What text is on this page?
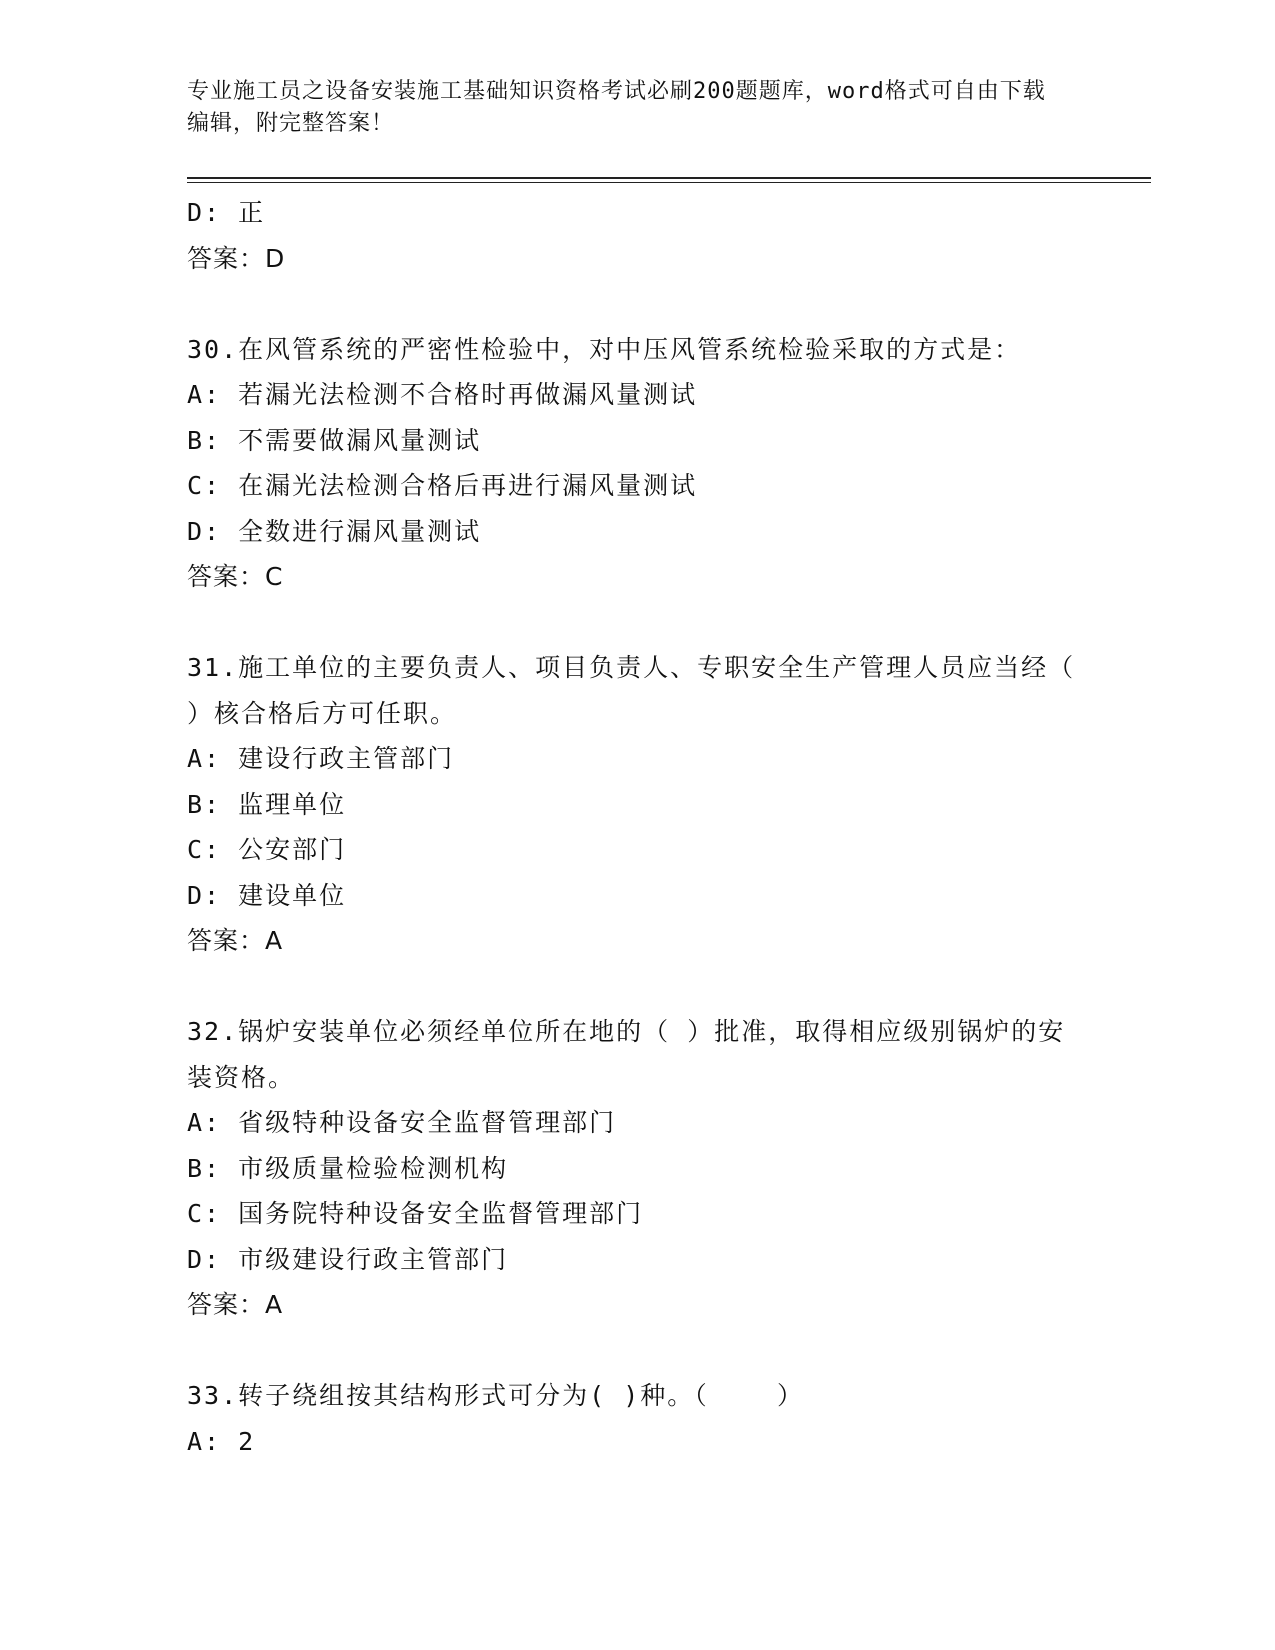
专业施工员之设备安装施工基础知识资格考试必刷200题题库，word格式可自由下载编辑，附完整答案！
D: 正
答案：D
30.在风管系统的严密性检验中，对中压风管系统检验采取的方式是：
A: 若漏光法检测不合格时再做漏风量测试
B: 不需要做漏风量测试
C: 在漏光法检测合格后再进行漏风量测试
D: 全数进行漏风量测试
答案：C
31.施工单位的主要负责人、项目负责人、专职安全生产管理人员应当经（ ）核合格后方可任职。
A: 建设行政主管部门
B: 监理单位
C: 公安部门
D: 建设单位
答案：A
32.锅炉安装单位必须经单位所在地的（ ）批准，取得相应级别锅炉的安装资格。
A: 省级特种设备安全监督管理部门
B: 市级质量检验检测机构
C: 国务院特种设备安全监督管理部门
D: 市级建设行政主管部门
答案：A
33.转子绕组按其结构形式可分为( )种。（    ）
A: 2
